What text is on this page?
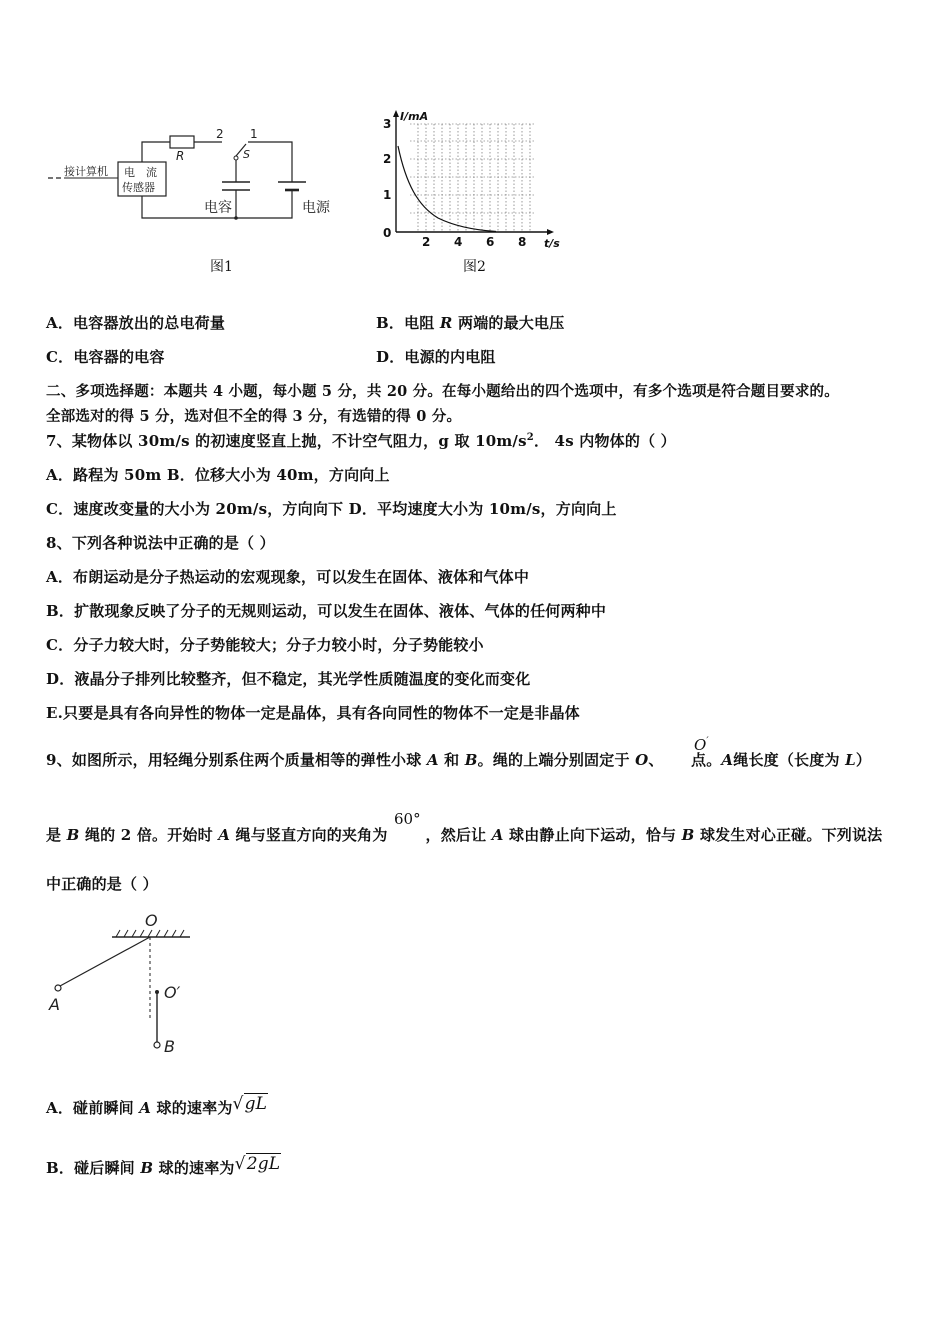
接计算机 电　流
传感器
R
2 1
S
电容	电源
图1
I/mA
t/s
3
2
1
0
2 4 6 8
图2
A．电容器放出的总电荷量	B．电阻 R 两端的最大电压
C．电容器的电容	D．电源的内电阻
二、多项选择题：本题共 4 小题，每小题 5 分，共 20 分。在每小题给出的四个选项中，有多个选项是符合题目要求的。
全部选对的得 5 分，选对但不全的得 3 分，有选错的得 0 分。
7、某物体以 30m/s 的初速度竖直上抛，不计空气阻力，g 取 $10m/s^2$． 4s 内物体的（ ）
A．路程为 50m B．位移大小为 40m，方向向上
C．速度改变量的大小为 20m/s，方向向下 D．平均速度大小为 10m/s，方向向上
8、下列各种说法中正确的是（ ）
A．布朗运动是分子热运动的宏观现象，可以发生在固体、液体和气体中
B．扩散现象反映了分子的无规则运动，可以发生在固体、液体、气体的任何两种中
C．分子力较大时，分子势能较大；分子力较小时，分子势能较小
D．液晶分子排列比较整齐，但不稳定，其光学性质随温度的变化而变化
E.只要是具有各向异性的物体一定是晶体，具有各向同性的物体不一定是非晶体
9、如图所示，用轻绳分别系住两个质量相等的弹性小球 A 和 B。绳的上端分别固定于 O、 点。A绳长度（长度为 L）
O′
是 B 绳的 2 倍。开始时 A 绳与竖直方向的夹角为	，然后让 A 球由静止向下运动，恰与 B 球发生对心正碰。下列说法
60°
中正确的是（ ）
O
A
O′
B
A．碰前瞬间 A 球的速率为√gL
B．碰后瞬间 B 球的速率为√2gL
